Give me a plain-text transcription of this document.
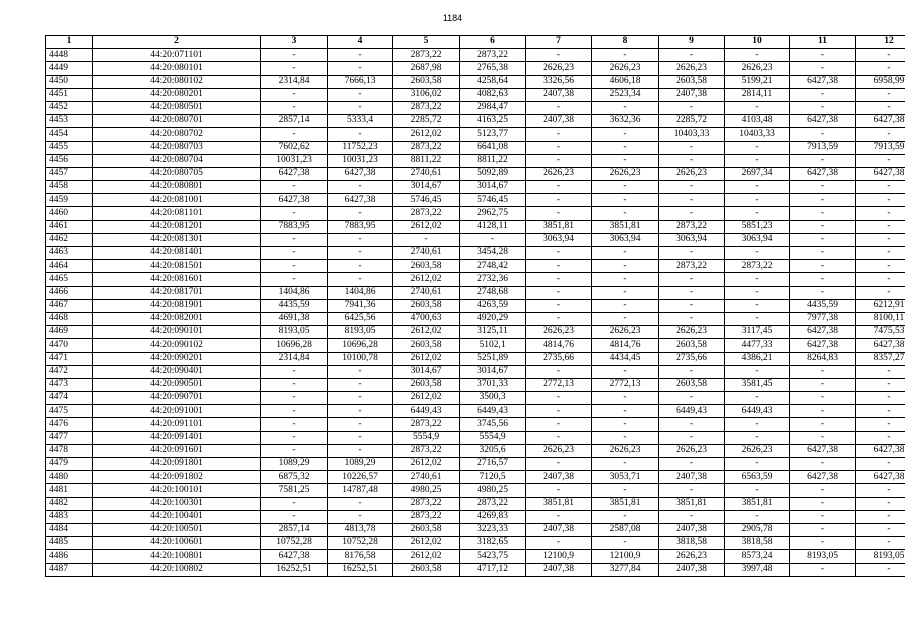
1184
1	2	3	4	5	6	7	8	9	10	11	12
4448	44:20:071101	-	-	2873,22	2873,22	-	-	-	-	-	-
4449	44:20:080101	-	-	2687,98	2765,38	2626,23	2626,23	2626,23	2626,23	-	-
4450	44:20:080102	2314,84	7666,13	2603,58	4258,64	3326,56	4606,18	2603,58	5199,21	6427,38	6958,99
4451	44:20:080201	-	-	3106,02	4082,63	2407,38	2523,34	2407,38	2814,11	-	-
4452	44:20:080501	-	-	2873,22	2984,47	-	-	-	-	-	-
4453	44:20:080701	2857,14	5333,4	2285,72	4163,25	2407,38	3632,36	2285,72	4103,48	6427,38	6427,38
4454	44:20:080702	-	-	2612,02	5123,77	-	-	10403,33	10403,33	-	-
4455	44:20:080703	7602,62	11752,23	2873,22	6641,08	-	-	-	-	7913,59	7913,59
4456	44:20:080704	10031,23	10031,23	8811,22	8811,22	-	-	-	-	-	-
4457	44:20:080705	6427,38	6427,38	2740,61	5092,89	2626,23	2626,23	2626,23	2697,34	6427,38	6427,38
4458	44:20:080801	-	-	3014,67	3014,67	-	-	-	-	-	-
4459	44:20:081001	6427,38	6427,38	5746,45	5746,45	-	-	-	-	-	-
4460	44:20:081101	-	-	2873,22	2962,75	-	-	-	-	-	-
4461	44:20:081201	7883,95	7883,95	2612,02	4128,11	3851,81	3851,81	2873,22	5851,23	-	-
4462	44:20:081301	-	-	-	-	3063,94	3063,94	3063,94	3063,94	-	-
4463	44:20:081401	-	-	2740,61	3454,28	-	-	-	-	-	-
4464	44:20:081501	-	-	2603,58	2748,42	-	-	2873,22	2873,22	-	-
4465	44:20:081601	-	-	2612,02	2732,36	-	-	-	-	-	-
4466	44:20:081701	1404,86	1404,86	2740,61	2748,68	-	-	-	-	-	-
4467	44:20:081901	4435,59	7941,36	2603,58	4263,59	-	-	-	-	4435,59	6212,91
4468	44:20:082001	4691,38	6425,56	4700,63	4920,29	-	-	-	-	7977,38	8100,11
4469	44:20:090101	8193,05	8193,05	2612,02	3125,11	2626,23	2626,23	2626,23	3117,45	6427,38	7475,53
4470	44:20:090102	10696,28	10696,28	2603,58	5102,1	4814,76	4814,76	2603,58	4477,33	6427,38	6427,38
4471	44:20:090201	2314,84	10100,78	2612,02	5251,89	2735,66	4434,45	2735,66	4386,21	8264,83	8357,27
4472	44:20:090401	-	-	3014,67	3014,67	-	-	-	-	-	-
4473	44:20:090501	-	-	2603,58	3701,33	2772,13	2772,13	2603,58	3581,45	-	-
4474	44:20:090701	-	-	2612,02	3500,3	-	-	-	-	-	-
4475	44:20:091001	-	-	6449,43	6449,43	-	-	6449,43	6449,43	-	-
4476	44:20:091101	-	-	2873,22	3745,56	-	-	-	-	-	-
4477	44:20:091401	-	-	5554,9	5554,9	-	-	-	-	-	-
4478	44:20:091601	-	-	2873,22	3205,6	2626,23	2626,23	2626,23	2626,23	6427,38	6427,38
4479	44:20:091801	1089,29	1089,29	2612,02	2716,57	-	-	-	-	-	-
4480	44:20:091802	6875,32	10226,57	2740,61	7120,5	2407,38	3053,71	2407,38	6563,59	6427,38	6427,38
4481	44:20:100101	7581,25	14787,48	4980,25	4980,25	-	-	-	-	-	-
4482	44:20:100301	-	-	2873,22	2873,22	3851,81	3851,81	3851,81	3851,81	-	-
4483	44:20:100401	-	-	2873,22	4269,83	-	-	-	-	-	-
4484	44:20:100501	2857,14	4813,78	2603,58	3223,33	2407,38	2587,08	2407,38	2905,78	-	-
4485	44:20:100601	10752,28	10752,28	2612,02	3182,65	-	-	3818,58	3818,58	-	-
4486	44:20:100801	6427,38	8176,58	2612,02	5423,75	12100,9	12100,9	2626,23	8573,24	8193,05	8193,05
4487	44:20:100802	16252,51	16252,51	2603,58	4717,12	2407,38	3277,84	2407,38	3997,48	-	-
